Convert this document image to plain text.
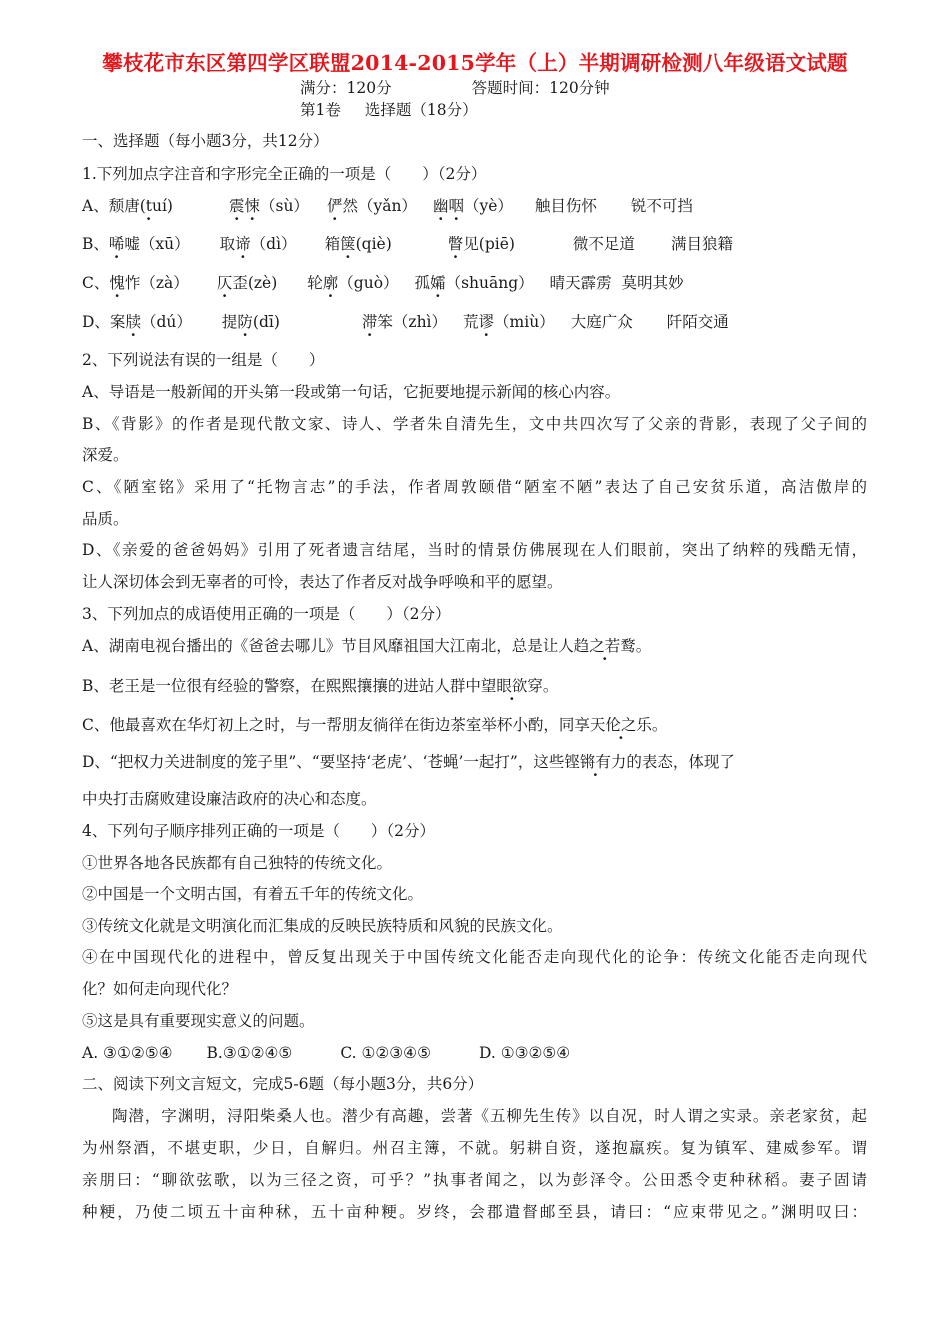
攀枝花市东区第四学区联盟2014-2015学年（上）半期调研检测八年级语文试题
满分：120分	答题时间：120分钟
第1卷 选择题（18分）
一、选择题（每小题3分，共12分）
1.下列加点字注音和字形完全正确的一项是（　　）（2分）
A、颓唐(tuí) ·	震悚（sù） 俨然（yǎn） 幽咽（yè） 触目伤怀 锐不可挡
B、唏嘘（xū） 取谛（dì） 箱箧(qiè)	瞥见(piē)	微不足道 满目狼籍
C、愧怍（zà） 仄歪(zè) 轮廓（guò） 孤孀（shuāng） 晴天霹雳 莫明其妙
D、案牍（dú） 提防(dī)	滞笨（zhì） 荒谬（miù） 大庭广众 阡陌交通
2、下列说法有误的一组是（　　）
A、导语是一般新闻的开头第一段或第一句话，它扼要地提示新闻的核心内容。
B、《背影》的作者是现代散文家、诗人、学者朱自清先生，文中共四次写了父亲的背影，表现了父子间的
深爱。
C、《陋室铭》采用了“托物言志”的手法，作者周敦颐借“陋室不陋”表达了自己安贫乐道，高洁傲岸的
品质。
D、《亲爱的爸爸妈妈》引用了死者遗言结尾，当时的情景仿佛展现在人们眼前，突出了纳粹的残酷无情，
让人深切体会到无辜者的可怜，表达了作者反对战争呼唤和平的愿望。
3、下列加点的成语使用正确的一项是（　　）（2分）
A、湖南电视台播出的《爸爸去哪儿》节目风靡祖国大江南北，总是让人趋之若鹜。
B、老王是一位很有经验的警察，在熙熙攘攘的进站人群中望眼欲穿。
C、他最喜欢在华灯初上之时，与一帮朋友徜徉在街边茶室举杯小酌，同享天伦之乐。
D、“把权力关进制度的笼子里”、“要坚持‘老虎’、‘苍蝇’一起打”，这些铿锵有力的表态，体现了
中央打击腐败建设廉洁政府的决心和态度。
4、下列句子顺序排列正确的一项是（　　）（2分）
①世界各地各民族都有自己独特的传统文化。
②中国是一个文明古国，有着五千年的传统文化。
③传统文化就是文明演化而汇集成的反映民族特质和风貌的民族文化。
④在中国现代化的进程中，曾反复出现关于中国传统文化能否走向现代化的论争：传统文化能否走向现代
化？如何走向现代化？
⑤这是具有重要现实意义的问题。
A. ③①②⑤④ B.③①②④⑤	C. ①②③④⑤	D. ①③②⑤④
二、阅读下列文言短文，完成5-6题（每小题3分，共6分）
陶潜，字渊明，浔阳柴桑人也。潜少有高趣，尝著《五柳先生传》以自况，时人谓之实录。亲老家贫，起
为州祭酒，不堪吏职，少日，自解归。州召主簿，不就。躬耕自资，遂抱羸疾。复为镇军、建威参军。谓
亲朋曰：“聊欲弦歌，以为三径之资，可乎？”执事者闻之，以为彭泽令。公田悉令吏种秫稻。妻子固请
种粳，乃使二顷五十亩种秫，五十亩种粳。岁终，会郡遣督邮至县，请曰：“应束带见之。”渊明叹曰：
